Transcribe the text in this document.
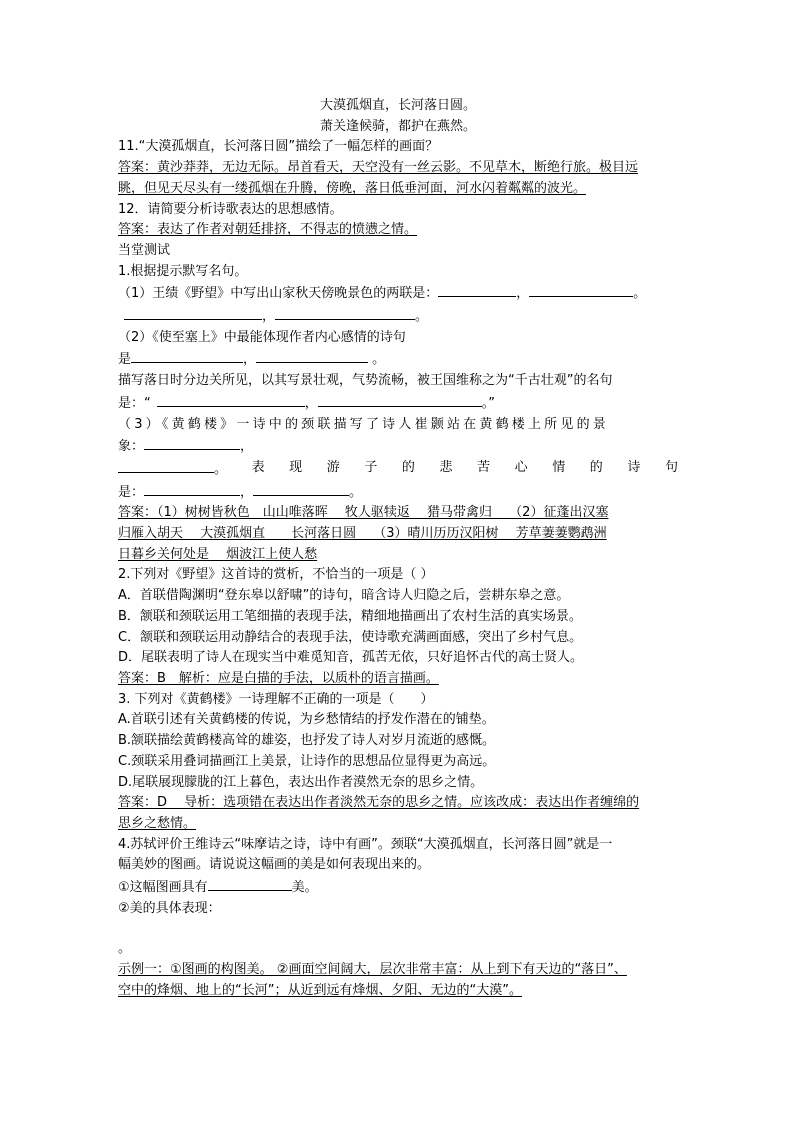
大漠孤烟直，长河落日圆。
萧关逢候骑，都护在燕然。
11.“大漠孤烟直，长河落日圆”描绘了一幅怎样的画面？
答案：黄沙莽莽，无边无际。昂首看天，天空没有一丝云影。不见草木，断绝行旅。极目远
眺，但见天尽头有一缕孤烟在升腾，傍晚，落日低垂河面，河水闪着粼粼的波光。
12．请简要分析诗歌表达的思想感情。
答案：表达了作者对朝廷排挤，不得志的愤懑之情。
当堂测试
1.根据提示默写名句。
（1）王绩《野望》中写出山家秋天傍晚景色的两联是：	，	。
，	。
（2）《使至塞上》中最能体现作者内心感情的诗句
是	，	。
描写落日时分边关所见，以其写景壮观，气势流畅，被王国维称之为“千古壮观”的名句
是：“	，	。”
（3）《黄鹤楼》一诗中的颈联描写了诗人崔颢站在黄鹤楼上所见的景
象：	，
。 表 现 游 子 的 悲 苦 心 情 的 诗 句
是：	，	。
答案：（1）树树皆秋色　山山唯落晖　 牧人驱犊返　 猎马带禽归　 （2）征蓬出汉塞
归雁入胡天　 大漠孤烟直　　长河落日圆　 （3）晴川历历汉阳树　 芳草萋萋鹦鹉洲
日暮乡关何处是　 烟波江上使人愁
2.下列对《野望》这首诗的赏析，不恰当的一项是（ ）
A．首联借陶渊明“登东皋以舒啸”的诗句，暗含诗人归隐之后，尝耕东皋之意。
B．颔联和颈联运用工笔细描的表现手法，精细地描画出了农村生活的真实场景。
C．颔联和颈联运用动静结合的表现手法，使诗歌充满画面感，突出了乡村气息。
D．尾联表明了诗人在现实当中难觅知音，孤苦无依，只好追怀古代的高士贤人。
答案：B　解析：应是白描的手法，以质朴的语言描画。
3. 下列对《黄鹤楼》一诗理解不正确的一项是（　　）
A.首联引述有关黄鹤楼的传说，为乡愁情结的抒发作潜在的铺垫。
B.颔联描绘黄鹤楼高耸的雄姿，也抒发了诗人对岁月流逝的感慨。
C.颈联采用叠词描画江上美景，让诗作的思想品位显得更为高远。
D.尾联展现朦胧的江上暮色，表达出作者漠然无奈的思乡之情。
答案：D　 导析：选项错在表达出作者淡然无奈的思乡之情。应该改成：表达出作者缠绵的
思乡之愁情。
4.苏轼评价王维诗云“味摩诘之诗，诗中有画”。颈联“大漠孤烟直，长河落日圆”就是一
幅美妙的图画。请说说这幅画的美是如何表现出来的。
①这幅图画具有	美。
②美的具体表现：
。
示例一：①图画的构图美。 ②画面空间阔大，层次非常丰富：从上到下有天边的“落日”、
空中的烽烟、地上的“长河”；从近到远有烽烟、夕阳、无边的“大漠”。
